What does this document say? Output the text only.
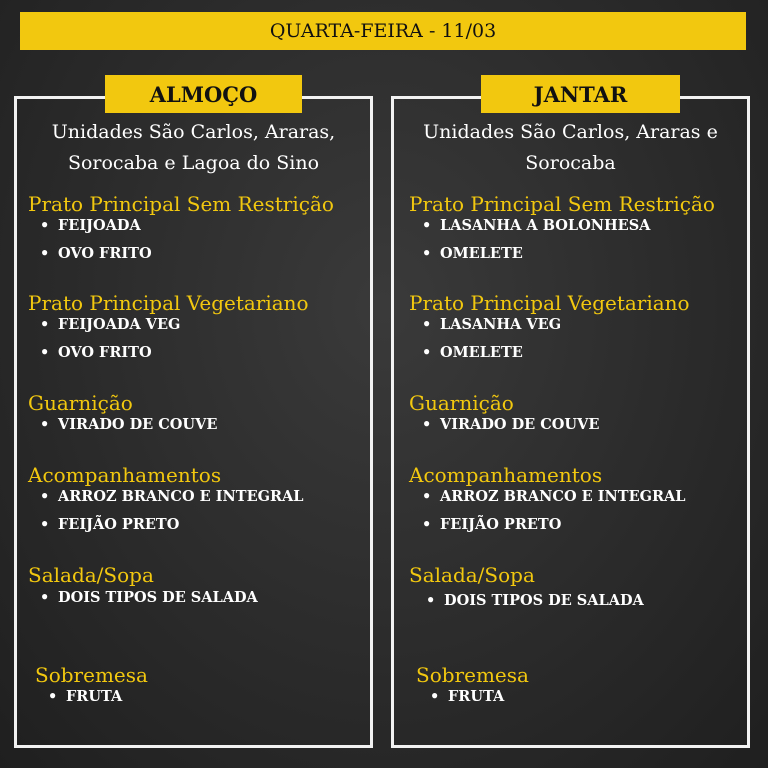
QUARTA-FEIRA - 11/03
ALMOÇO	JANTAR
Unidades São Carlos, Araras,
Sorocaba e Lagoa do Sino
Prato Principal Sem Restrição
• FEIJOADA
• OVO FRITO
Prato Principal Vegetariano
• FEIJOADA VEG
• OVO FRITO
Guarnição
• VIRADO DE COUVE
Acompanhamentos
• ARROZ BRANCO E INTEGRAL
• FEIJÃO PRETO
Salada/Sopa
• DOIS TIPOS DE SALADA
Sobremesa
• FRUTA
Unidades São Carlos, Araras e
Sorocaba
Prato Principal Sem Restrição
• LASANHA A BOLONHESA
• OMELETE
Prato Principal Vegetariano
• LASANHA VEG
• OMELETE
Guarnição
• VIRADO DE COUVE
Acompanhamentos
• ARROZ BRANCO E INTEGRAL
• FEIJÃO PRETO
Salada/Sopa
• DOIS TIPOS DE SALADA
Sobremesa
• FRUTA
